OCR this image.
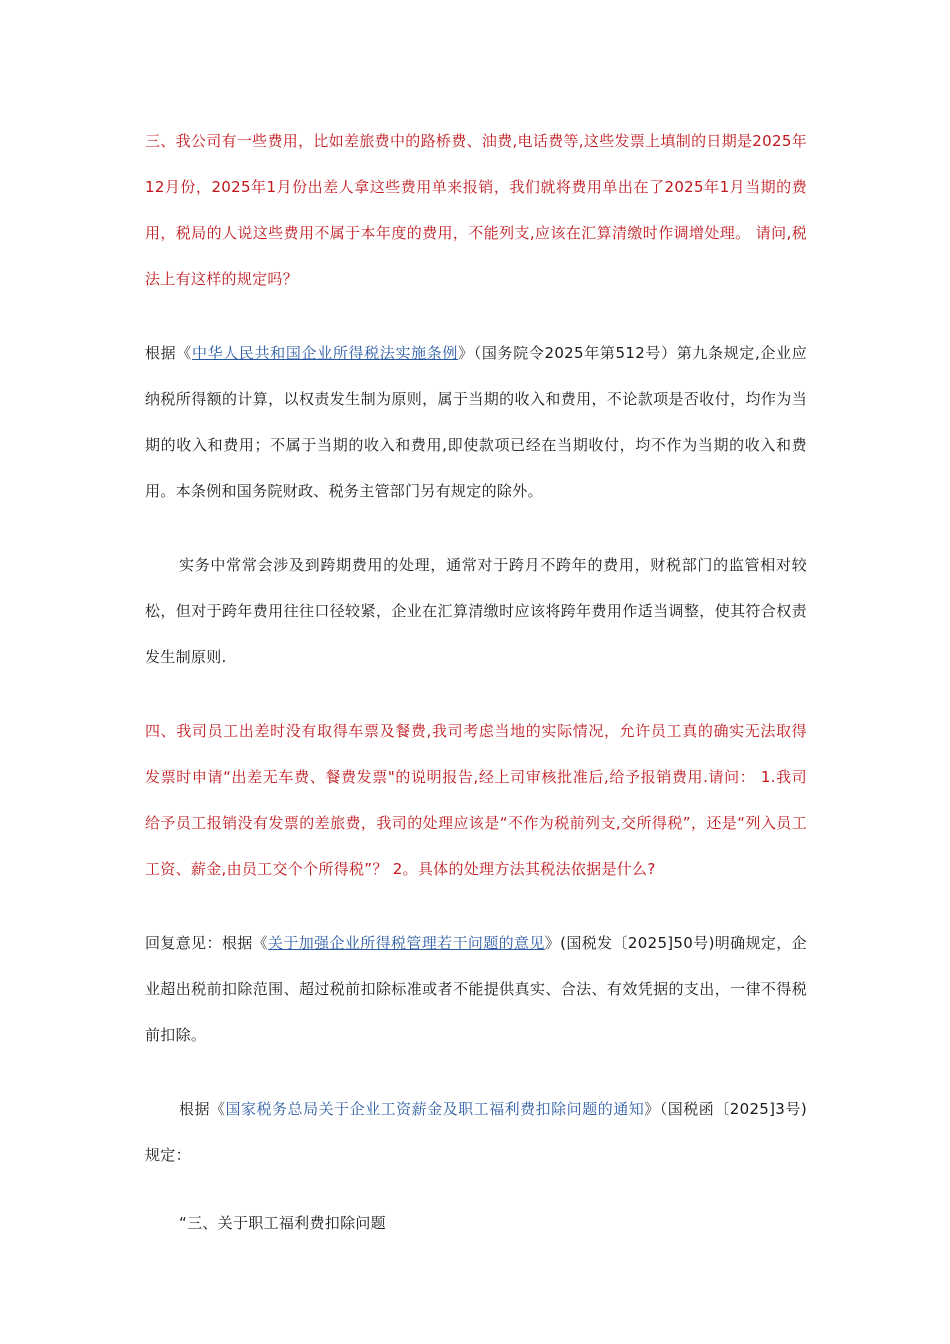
三、我公司有一些费用，比如差旅费中的路桥费、油费,电话费等,这些发票上填制的日期是2025年12月份，2025年1月份出差人拿这些费用单来报销，我们就将费用单出在了2025年1月当期的费用，税局的人说这些费用不属于本年度的费用，不能列支,应该在汇算清缴时作调增处理。 请问,税法上有这样的规定吗？

根据《中华人民共和国企业所得税法实施条例》（国务院令2025年第512号）第九条规定,企业应纳税所得额的计算，以权责发生制为原则，属于当期的收入和费用，不论款项是否收付，均作为当期的收入和费用；不属于当期的收入和费用,即使款项已经在当期收付，均不作为当期的收入和费用。本条例和国务院财政、税务主管部门另有规定的除外。

实务中常常会涉及到跨期费用的处理，通常对于跨月不跨年的费用，财税部门的监管相对较松，但对于跨年费用往往口径较紧，企业在汇算清缴时应该将跨年费用作适当调整，使其符合权责发生制原则.

四、我司员工出差时没有取得车票及餐费,我司考虑当地的实际情况，允许员工真的确实无法取得发票时申请“出差无车费、餐费发票"的说明报告,经上司审核批准后,给予报销费用.请问： 1.我司给予员工报销没有发票的差旅费，我司的处理应该是“不作为税前列支,交所得税”，还是“列入员工工资、薪金,由员工交个个所得税”？ 2。具体的处理方法其税法依据是什么?

回复意见：根据《关于加强企业所得税管理若干问题的意见》(国税发〔2025]50号)明确规定，企业超出税前扣除范围、超过税前扣除标准或者不能提供真实、合法、有效凭据的支出，一律不得税前扣除。

根据《国家税务总局关于企业工资薪金及职工福利费扣除问题的通知》（国税函〔2025]3号)规定：

“三、关于职工福利费扣除问题
